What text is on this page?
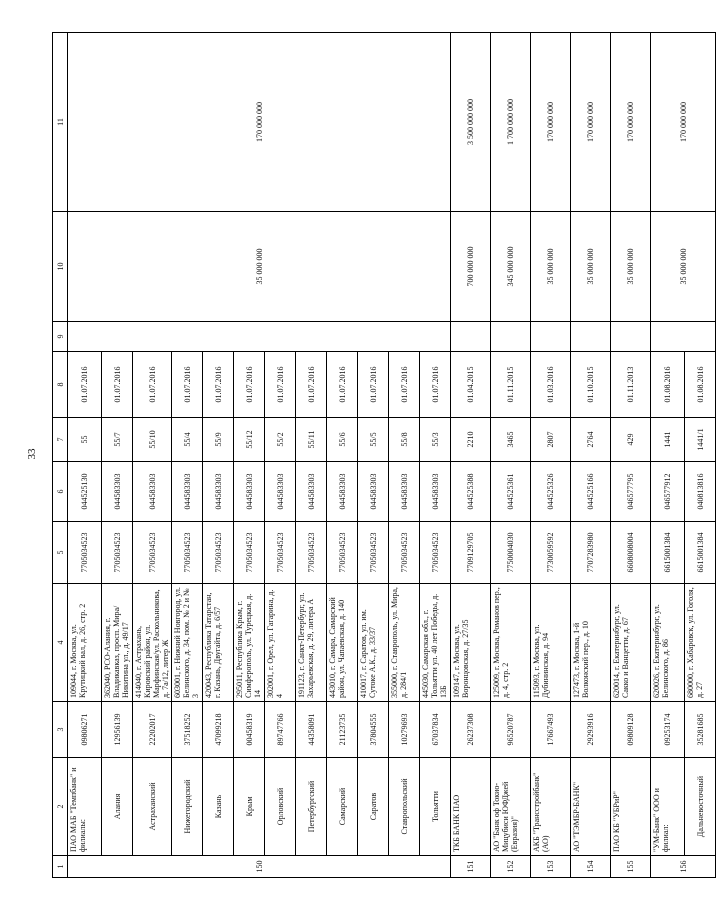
33
1	2	3	4	5	6	7	8	9	10	11
150	ПАО МАБ "Темпбанк" и филиалы:	09806271	109044, г. Москва, ул. Крутицкий вал, д. 26, стр. 2	7705034523	044525130	55	01.07.2016		35 000 000	170 000 000
	Алания	12956139	362040, РСО-Алания, г. Владикавказ, просп. Мира/Никитина ул., д. 49/17	7705034523	044583303	55/7	01.07.2016			
	Астраханский	22202017	414040, г. Астрахань, Кировский район, ул. Марфинская/ул. Раскольникова, д. 7а/12, литер Ж	7705034523	044583303	55/10	01.07.2016			
	Нижегородский	37518252	603001, г. Нижний Новгород, ул. Белинского, д. 34, пом. № 2 и № 3	7705034523	044583303	55/4	01.07.2016			
	Казань	47099218	420043, Республика Татарстан, г. Казань, Двугайта, д. 6/57	7705034523	044583303	55/9	01.07.2016			
	Крым	00458319	295011, Республика Крым, г. Симферополь, ул. Турецкая, д. 14	7705034523	044583303	55/12	01.07.2016			
	Орловский	89747766	302001, г. Орел, ул. Гагарина, д. 4	7705034523	044583303	55/2	01.07.2016			
	Петербургский	44358091	191123, г. Санкт-Петербург, ул. Захарьевская, д. 29, литера А	7705034523	044583303	55/11	01.07.2016			
	Самарский	21123735	443010, г. Самара, Самарский район, ул. Чапаевская, д. 140	7705034523	044583303	55/6	01.07.2016			
	Саратов	37804555	410017, г. Саратов, ул. им. Сутоке А.К., д. 33/37	7705034523	044583303	55/5	01.07.2016			
	Ставропольский	10279693	355000, г. Ставрополь, ул. Мира, д. 284/1	7705034523	044583303	55/8	01.07.2016			
	Тольятти	67037834	445030, Самарская обл., г. Тольятти ул. 40 лет Победы, д. 13Б	7705034523	044583303	55/3	01.07.2016			
151	ТКБ БАНК ПАО	26237308	109147, г. Москва, ул. Воронцовская, д. 27/35	7709129705	044525388	2210	01.04.2015		700 000 000	3 500 000 000
152	АО "Банк оф Токио-Мицубиси ЮФДжей (Евразия)"	96520787	125009, г. Москва, Романов пер., д. 4, стр. 2	7750004030	044525361	3465	01.11.2015		345 000 000	1 700 000 000
153	АКБ "Трансстройбанк" (АО)	17667493	115093, г. Москва, ул. Дубининская, д. 94	7730059592	044525326	2807	01.03.2016		35 000 000	170 000 000
154	АО "ТЭМБР-БАНК"	29293916	127473, г. Москва, 1-й Волконский пер., д. 10	7707283980	044525166	2764	01.10.2015		35 000 000	170 000 000
155	ПАО КБ "УБРиР"	09809128	620014, г. Екатеринбург, ул. Сакко и Ванцетти, д. 67	6608008004	046577795	429	01.11.2013		35 000 000	170 000 000
156	"УМ-Банк" ООО и филиал:	09253174	620026, г. Екатеринбург, ул. Белинского, д. 86	6615001384	046577912	1441	01.08.2016		35 000 000	170 000 000
	Дальневосточный	35281685	680000, г. Хабаровск, ул. Гоголя, д. 27	6615001384	040813816	1441/1	01.08.2016			
